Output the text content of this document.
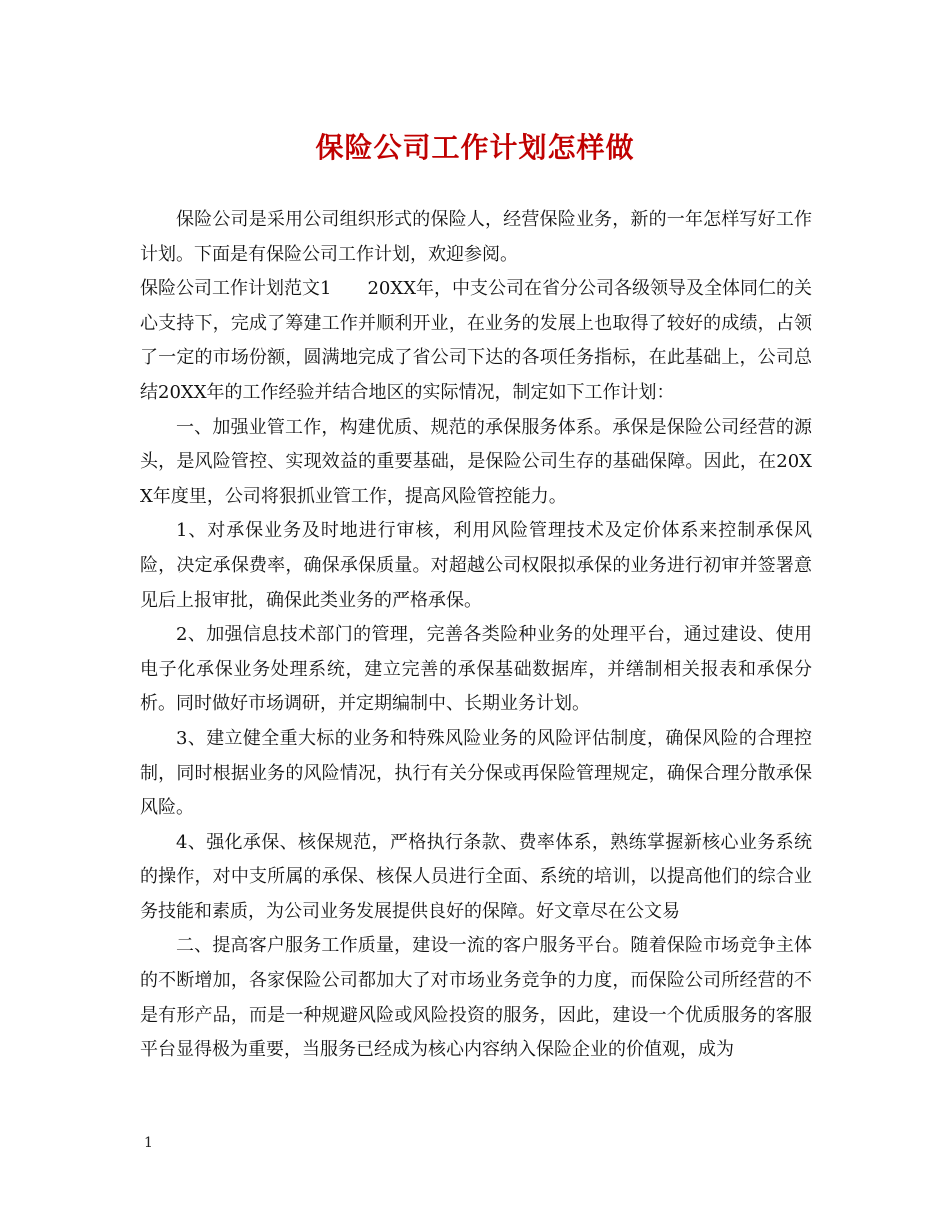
保险公司工作计划怎样做

保险公司是采用公司组织形式的保险人，经营保险业务，新的一年怎样写好工作计划。下面是有保险公司工作计划，欢迎参阅。

保险公司工作计划范文1 20XX年，中支公司在省分公司各级领导及全体同仁的关心支持下，完成了筹建工作并顺利开业，在业务的发展上也取得了较好的成绩，占领了一定的市场份额，圆满地完成了省公司下达的各项任务指标，在此基础上，公司总结20XX年的工作经验并结合地区的实际情况，制定如下工作计划：

一、加强业管工作，构建优质、规范的承保服务体系。承保是保险公司经营的源头，是风险管控、实现效益的重要基础，是保险公司生存的基础保障。因此，在20XX年度里，公司将狠抓业管工作，提高风险管控能力。

1、对承保业务及时地进行审核，利用风险管理技术及定价体系来控制承保风险，决定承保费率，确保承保质量。对超越公司权限拟承保的业务进行初审并签署意见后上报审批，确保此类业务的严格承保。

2、加强信息技术部门的管理，完善各类险种业务的处理平台，通过建设、使用电子化承保业务处理系统，建立完善的承保基础数据库，并缮制相关报表和承保分析。同时做好市场调研，并定期编制中、长期业务计划。

3、建立健全重大标的业务和特殊风险业务的风险评估制度，确保风险的合理控制，同时根据业务的风险情况，执行有关分保或再保险管理规定，确保合理分散承保风险。

4、强化承保、核保规范，严格执行条款、费率体系，熟练掌握新核心业务系统的操作，对中支所属的承保、核保人员进行全面、系统的培训，以提高他们的综合业务技能和素质，为公司业务发展提供良好的保障。好文章尽在公文易

二、提高客户服务工作质量，建设一流的客户服务平台。随着保险市场竞争主体的不断增加，各家保险公司都加大了对市场业务竞争的力度，而保险公司所经营的不是有形产品，而是一种规避风险或风险投资的服务，因此，建设一个优质服务的客服平台显得极为重要，当服务已经成为核心内容纳入保险企业的价值观，成为

1
